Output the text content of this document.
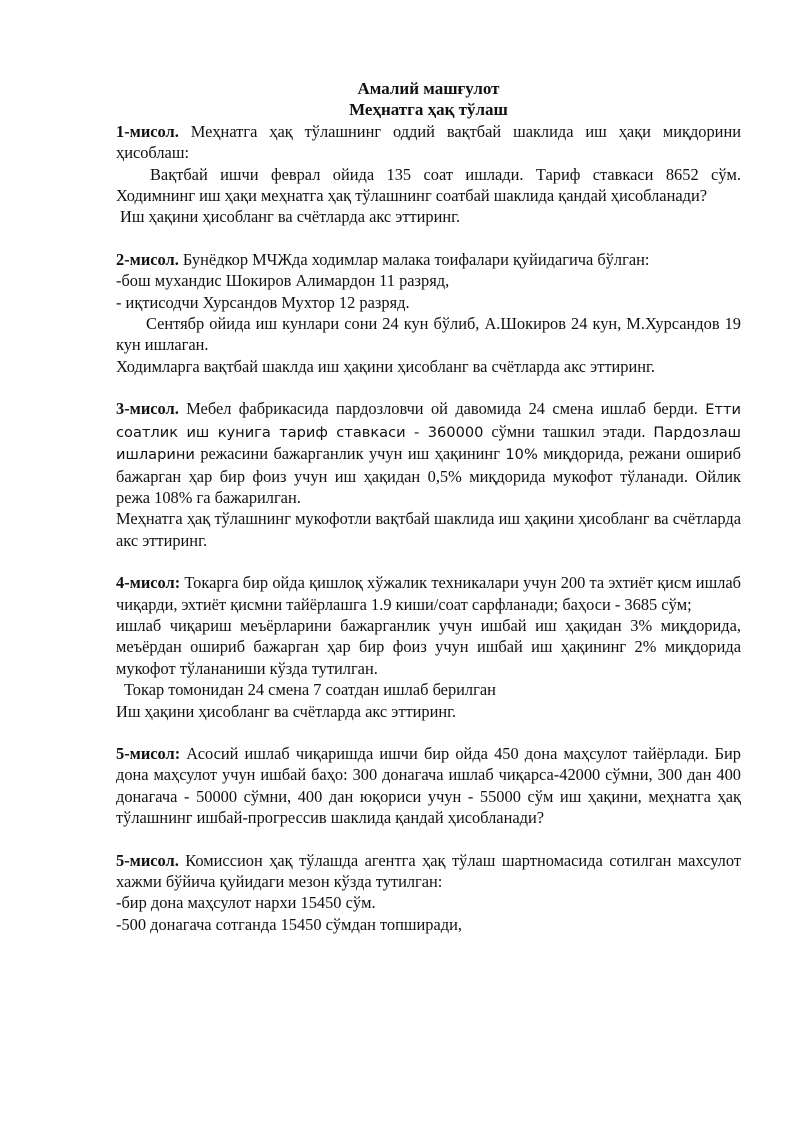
Амалий машғулот

Меҳнатга ҳақ тўлаш

1-мисол. Меҳнатга ҳақ тўлашнинг оддий вақтбай шаклида иш ҳақи миқдорини ҳисоблаш:

Вақтбай ишчи феврал ойида 135 соат ишлади. Тариф ставкаси 8652 сўм. Ходимнинг иш ҳақи меҳнатга ҳақ тўлашнинг соатбай шаклида қандай ҳисобланади?

Иш ҳақини ҳисобланг ва счётларда акс эттиринг.

2-мисол. Бунёдкор МЧЖда ходимлар малака тоифалари қуйидагича бўлган:

-бош мухандис Шокиров Алимардон 11 разряд,

- иқтисодчи Хурсандов Мухтор 12 разряд.

Сентябр ойида иш кунлари сони 24 кун бўлиб, А.Шокиров 24 кун, М.Хурсандов 19 кун ишлаган.

Ходимларга вақтбай шаклда иш ҳақини ҳисобланг ва счётларда акс эттиринг.

3-мисол. Мебел фабрикасида пардозловчи ой давомида 24 смена ишлаб берди. Етти соатлик иш кунига тариф ставкаси - 360000 сўмни ташкил этади. Пардозлаш ишларини режасини бажарганлик учун иш ҳақининг 10% миқдорида, режани ошириб бажарган ҳар бир фоиз учун иш ҳақидан 0,5% миқдорида мукофот тўланади. Ойлик режа 108% га бажарилган.

Меҳнатга ҳақ тўлашнинг мукофотли вақтбай шаклида иш ҳақини ҳисобланг ва счётларда акс эттиринг.

4-мисол: Токарга бир ойда қишлоқ хўжалик техникалари учун 200 та эхтиёт қисм ишлаб чиқарди, эхтиёт қисмни тайёрлашга 1.9 киши/соат сарфланади; баҳоси - 3685 сўм;

ишлаб чиқариш меъёрларини бажарганлик учун ишбай иш ҳақидан 3% миқдорида, меъёрдан ошириб бажарган ҳар бир фоиз учун ишбай иш ҳақининг 2% миқдорида мукофот тўлананиши кўзда тутилган.

Токар томонидан 24 смена 7 соатдан ишлаб берилган

Иш ҳақини ҳисобланг ва счётларда акс эттиринг.

5-мисол: Асосий ишлаб чиқаришда ишчи бир ойда 450 дона маҳсулот тайёрлади. Бир дона маҳсулот учун ишбай баҳо: 300 донагача ишлаб чиқарса-42000 сўмни, 300 дан 400 донагача - 50000 сўмни, 400 дан юқориси учун - 55000 сўм иш ҳақини, меҳнатга ҳақ тўлашнинг ишбай-прогрессив шаклида қандай ҳисобланади?

5-мисол. Комиссион ҳақ тўлашда агентга ҳақ тўлаш шартномасида сотилган махсулот хажми бўйича қуйидаги мезон кўзда тутилган:

-бир дона маҳсулот нархи 15450 сўм.

-500 донагача сотганда 15450 сўмдан топширади,
